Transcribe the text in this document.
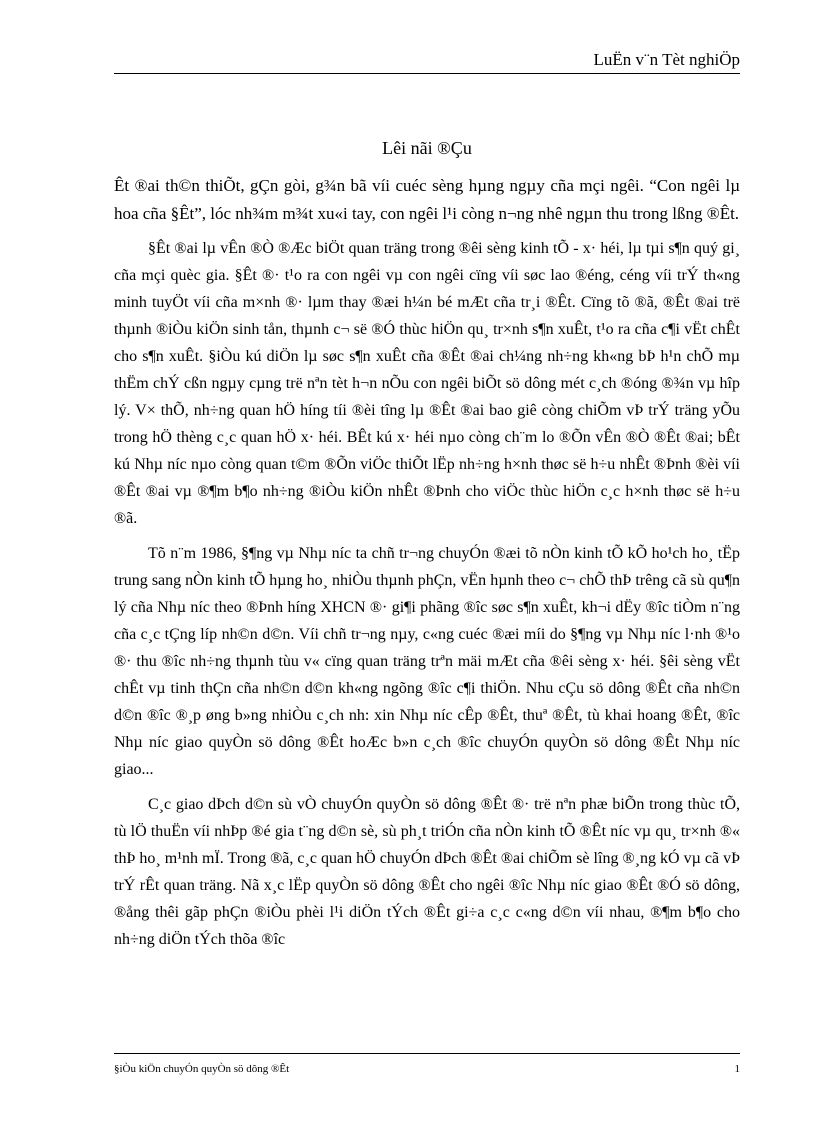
LuËn v¨n Tèt nghiÖp
Lêi nãi ®Çu

Êt ®ai th©n thiÕt, gÇn gòi, g¾n bã víi cuéc sèng hµng ngµy cña mçi ngêi. “Con ngêi lµ hoa cña §Êt”, lóc nh¾m m¾t xu«i tay, con ngêi l¹i còng n¬ng nhê ngµn thu trong lßng ®Êt.

§Êt ®ai lµ vÊn ®Ò ®Æc biÖt quan träng trong ®êi sèng kinh tÕ - x· héi, lµ tµi s¶n quý gi¸ cña mçi quèc gia. §Êt ®· t¹o ra con ngêi vµ con ngêi cïng víi søc lao ®éng, céng víi trÝ th«ng minh tuyÖt víi cña m×nh ®· lµm thay ®æi h¼n bé mÆt cña tr¸i ®Êt. Cïng tõ ®ã, ®Êt ®ai trë thµnh ®iÒu kiÖn sinh tån, thµnh c¬ së ®Ó thùc hiÖn qu¸ tr×nh s¶n xuÊt, t¹o ra cña c¶i vËt chÊt cho s¶n xuÊt. §iÒu kú diÖn lµ søc s¶n xuÊt cña ®Êt ®ai ch¼ng nh÷ng kh«ng bÞ h¹n chÕ mµ thËm chÝ cßn ngµy cµng trë nªn tèt h¬n nÕu con ngêi biÕt sö dông mét c¸ch ®óng ®¾n vµ hîp lý. V× thÕ, nh÷ng quan hÖ híng tíi ®èi tîng lµ ®Êt ®ai bao giê còng chiÕm vÞ trÝ träng yÕu trong hÖ thèng c¸c quan hÖ x· héi. BÊt kú x· héi nµo còng ch¨m lo ®Õn vÊn ®Ò ®Êt ®ai; bÊt kú Nhµ níc nµo còng quan t©m ®Õn viÖc thiÕt lËp nh÷ng h×nh thøc së h÷u nhÊt ®Þnh ®èi víi ®Êt ®ai vµ ®¶m b¶o nh÷ng ®iÒu kiÖn nhÊt ®Þnh cho viÖc thùc hiÖn c¸c h×nh thøc së h÷u ®ã.

Tõ n¨m 1986, §¶ng vµ Nhµ níc ta chñ tr¬ng chuyÓn ®æi tõ nÒn kinh tÕ kÕ ho¹ch ho¸ tËp trung sang nÒn kinh tÕ hµng ho¸ nhiÒu thµnh phÇn, vËn hµnh theo c¬ chÕ thÞ trêng cã sù qu¶n lý cña Nhµ níc theo ®Þnh híng XHCN ®· gi¶i phãng ®îc søc s¶n xuÊt, kh¬i dËy ®îc tiÒm n¨ng cña c¸c tÇng líp nh©n d©n. Víi chñ tr¬ng nµy, c«ng cuéc ®æi míi do §¶ng vµ Nhµ níc l·nh ®¹o ®· thu ®îc nh÷ng thµnh tùu v« cïng quan träng trªn mäi mÆt cña ®êi sèng x· héi. §êi sèng vËt chÊt vµ tinh thÇn cña nh©n d©n kh«ng ngõng ®îc c¶i thiÖn. Nhu cÇu sö dông ®Êt cña nh©n d©n ®îc ®¸p øng b»ng nhiÒu c¸ch nh: xin Nhµ níc cÊp ®Êt, thuª ®Êt, tù khai hoang ®Êt, ®îc Nhµ níc giao quyÒn sö dông ®Êt hoÆc b»n c¸ch ®îc chuyÓn quyÒn sö dông ®Êt Nhµ níc giao...

C¸c giao dÞch d©n sù vÒ chuyÓn quyÒn sö dông ®Êt ®· trë nªn phæ biÕn trong thùc tÕ, tù lÖ thuËn víi nhÞp ®é gia t¨ng d©n sè, sù ph¸t triÓn cña nÒn kinh tÕ ®Êt níc vµ qu¸ tr×nh ®« thÞ ho¸ m¹nh mÏ. Trong ®ã, c¸c quan hÖ chuyÓn dÞch ®Êt ®ai chiÕm sè lîng ®¸ng kÓ vµ cã vÞ trÝ rÊt quan träng. Nã x¸c lËp quyÒn sö dông ®Êt cho ngêi ®îc Nhµ níc giao ®Êt ®Ó sö dông, ®ång thêi gãp phÇn ®iÒu phèi l¹i diÖn tÝch ®Êt gi÷a c¸c c«ng d©n víi nhau, ®¶m b¶o cho nh÷ng diÖn tÝch thõa ®îc

§iÒu kiÖn chuyÓn quyÒn sö dông ®Êt	1
